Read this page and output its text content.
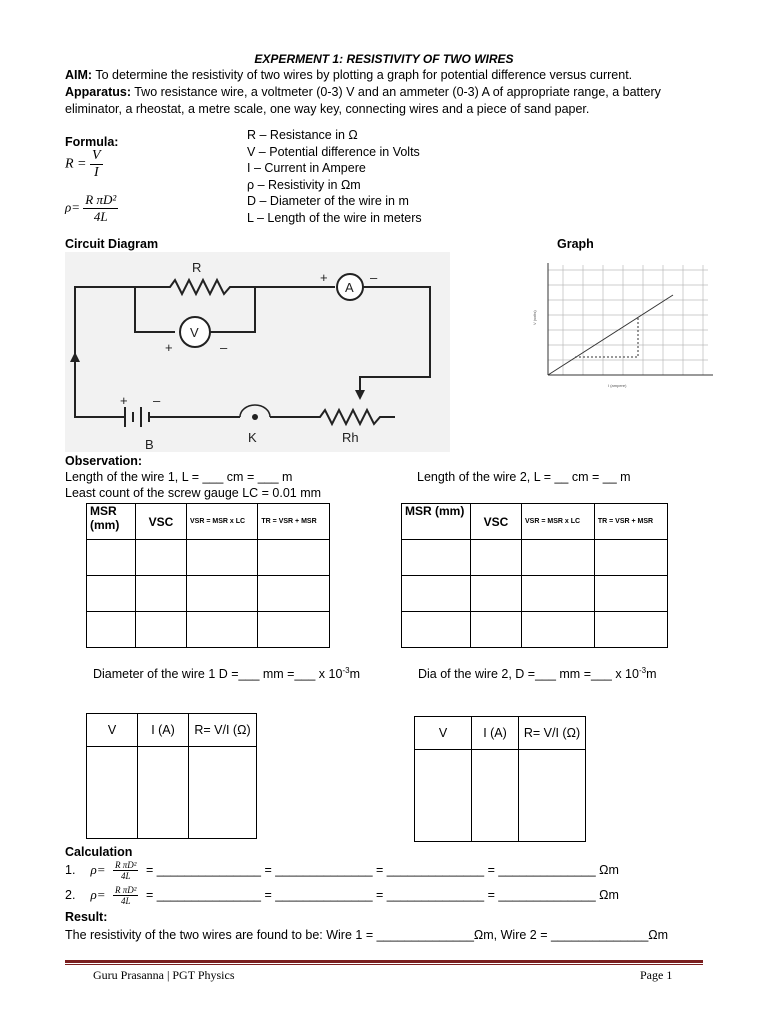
EXPERMENT 1: RESISTIVITY OF TWO WIRES
AIM: To determine the resistivity of two wires by plotting a graph for potential difference versus current.
Apparatus: Two resistance wire, a voltmeter (0-3) V and an ammeter (0-3) A of appropriate range, a battery eliminator, a rheostat, a metre scale, one way key, connecting wires and a piece of sand paper.
Formula:
$R = \frac{V}{I}$
$\rho= \frac{\text{R πD²}}{4L}$
R – Resistance in Ω
V – Potential difference in Volts
I – Current in Ampere
ρ – Resistivity in Ωm
D – Diameter of the wire in m
L – Length of the wire in meters
Circuit Diagram	Graph
R
A
V
K	Rh
B
+	–
+	–
+ –
V (volts)
I (ampere)
Observation:
Length of the wire 1, L = ___ cm = ___ m	Length of the wire 2, L = __ cm = __ m
Least count of the screw gauge LC = 0.01 mm
MSR (mm)	VSC	VSR = MSR x LC	TR = VSR + MSR

MSR (mm)	VSC	VSR = MSR x LC	TR = VSR + MSR

Diameter of the wire 1 D =___ mm =___ x $10^{-3}m$	Dia of the wire 2, D =___ mm =___ x $10^{-3}m$
V	I (A)	R= V/I (Ω)
			V	I (A)	R= V/I (Ω)

Calculation
1. $\rho= \frac{\text{R πD²}}{4L}$ = _______________ = ______________ = ______________ = ______________ Ωm
2. $\rho= \frac{\text{R πD²}}{4L}$ = _______________ = ______________ = ______________ = ______________ Ωm
Result:
The resistivity of the two wires are found to be: Wire 1 = ______________Ωm, Wire 2 = ______________Ωm
Guru Prasanna | PGT Physics	Page 1
